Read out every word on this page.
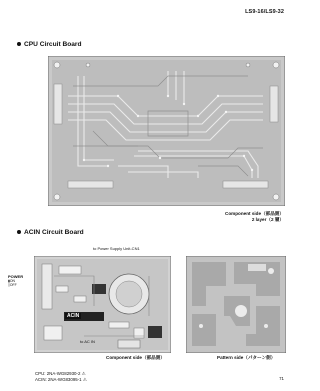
LS9-16/LS9-32
CPU Circuit Board
Component side（部品側）
2 layer（2 層）
ACIN Circuit Board
to Power Supply Unit-CN1
POWER
▮ON
▯OFF
ACIN
to AC IN
Component side（部品側）	Pattern side（パターン側）
CPU: 2NA-WG82930-2 ⚠
ACIN: 2NA-WG83095-1 ⚠	71
